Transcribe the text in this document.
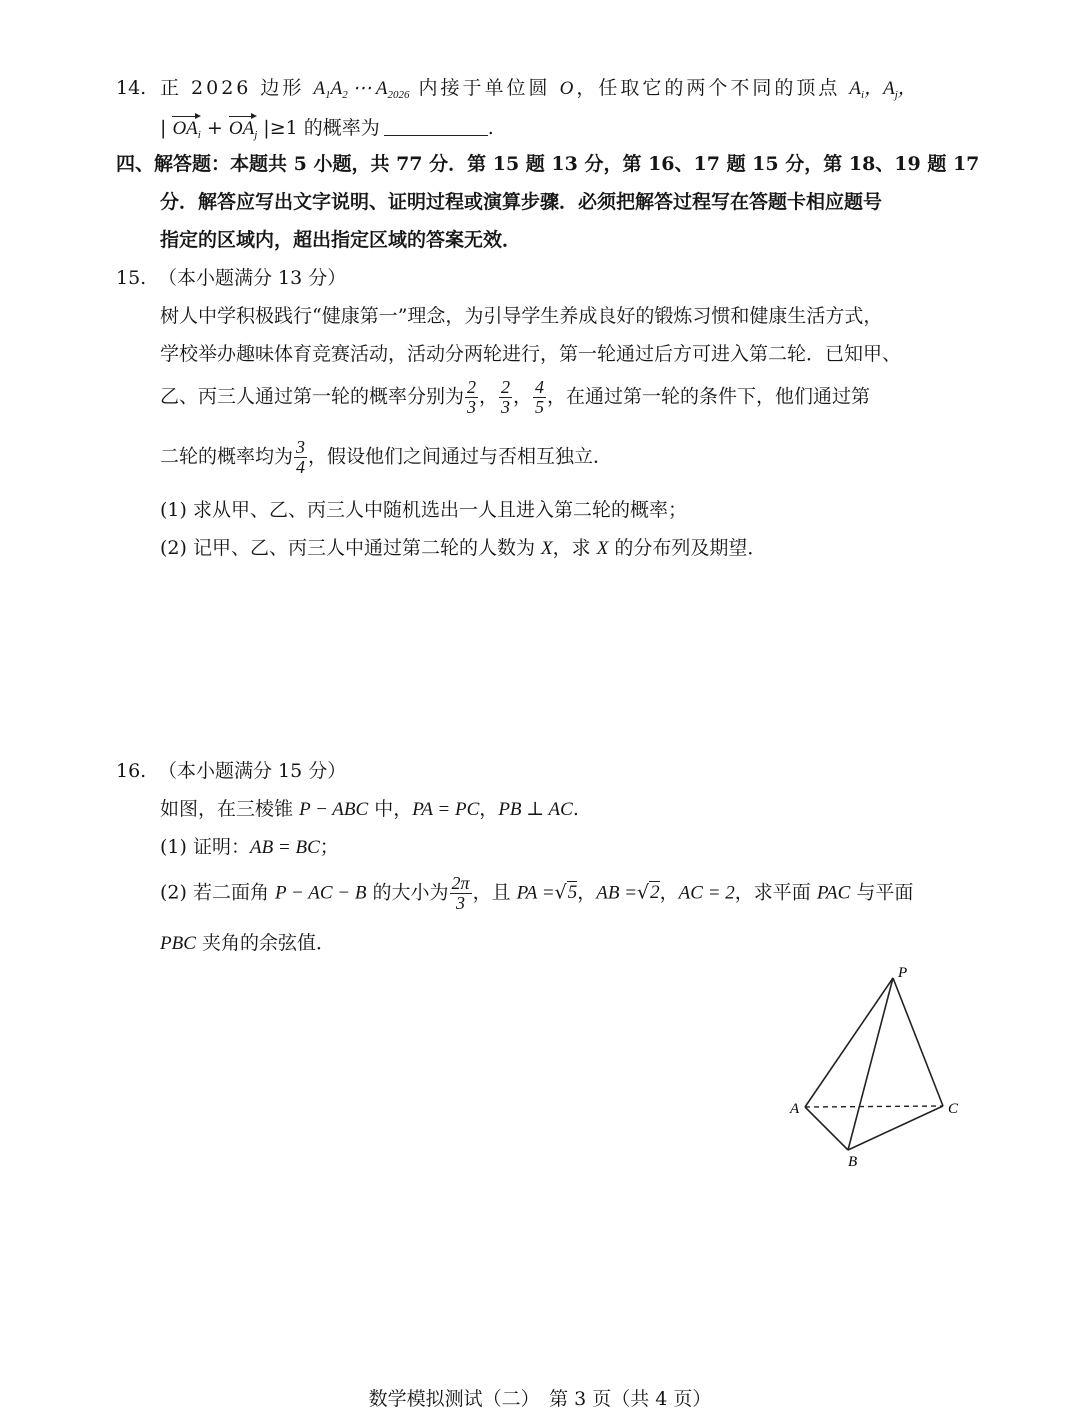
14. 正 2026 边形 $A_1A_2$ ⋯ $A_{2026}$ 内接于单位圆 O，任取它的两个不同的顶点 $A_i$，$A_j$，
| $OA_i + OA_j$ |≥1 的概率为	.
四、解答题：本题共 5 小题，共 77 分．第 15 题 13 分，第 16、17 题 15 分，第 18、19 题 17
分．解答应写出文字说明、证明过程或演算步骤．必须把解答过程写在答题卡相应题号
指定的区域内，超出指定区域的答案无效．
15. （本小题满分 13 分）
树人中学积极践行“健康第一”理念，为引导学生养成良好的锻炼习惯和健康生活方式，
学校举办趣味体育竞赛活动，活动分两轮进行，第一轮通过后方可进入第二轮．已知甲、
乙、丙三人通过第一轮的概率分别为 $\frac{2}{3}$ ， $\frac{2}{3}$ ， $\frac{4}{5}$ ，在通过第一轮的条件下，他们通过第
二轮的概率均为 $\frac{3}{4}$ ，假设他们之间通过与否相互独立．
(1) 求从甲、乙、丙三人中随机选出一人且进入第二轮的概率；
(2) 记甲、乙、丙三人中通过第二轮的人数为 X，求 X 的分布列及期望．
16. （本小题满分 15 分）
如图，在三棱锥 P − ABC 中，PA = PC，PB ⊥ AC.
(1) 证明：AB = BC；
(2) 若二面角 P − AC − B 的大小为 $\frac{2\pi}{3}$ ，且 PA =√5，AB =√2，AC = 2，求平面 PAC 与平面
PBC 夹角的余弦值．
P
A
B
C
数学模拟测试（二）　第 3 页（共 4 页）
